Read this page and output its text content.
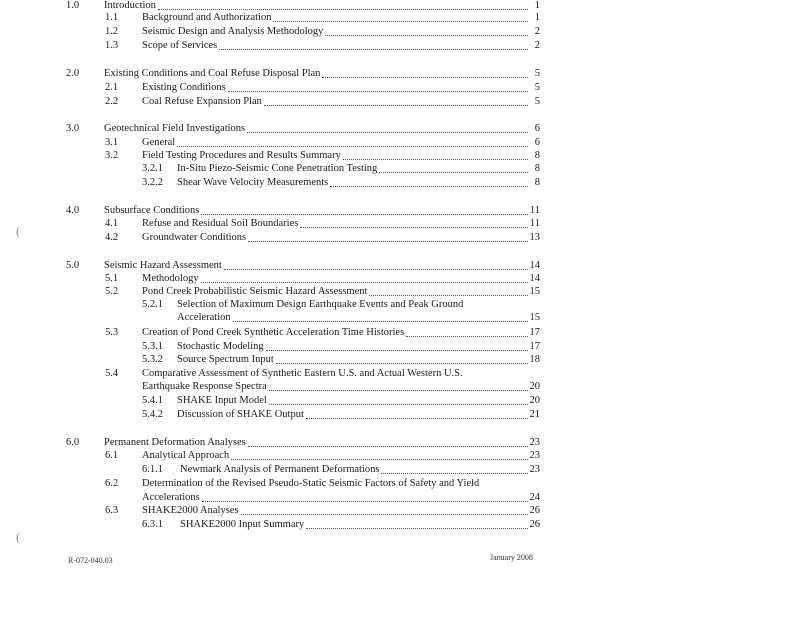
1.0	Introduction	1
1.1	Background and Authorization	1
1.2	Seismic Design and Analysis Methodology	2
1.3	Scope of Services	2
2.0	Existing Conditions and Coal Refuse Disposal Plan	5
2.1	Existing Conditions	5
2.2	Coal Refuse Expansion Plan	5
3.0	Geotechnical Field Investigations	6
3.1	General	6
3.2	Field Testing Procedures and Results Summary	8
3.2.1	In-Situ Piezo-Seismic Cone Penetration Testing	8
3.2.2	Shear Wave Velocity Measurements	8
4.0	Subsurface Conditions	11
4.1	Refuse and Residual Soil Boundaries	11
4.2	Groundwater Conditions	13
5.0	Seismic Hazard Assessment	14
5.1	Methodology	14
5.2	Pond Creek Probabilistic Seismic Hazard Assessment	15
5.2.1 Selection of Maximum Design Earthquake Events and Peak Ground
Acceleration	15
5.3	Creation of Pond Creek Synthetic Acceleration Time Histories	17
5.3.1	Stochastic Modeling	17
5.3.2	Source Spectrum Input	18
5.4 Comparative Assessment of Synthetic Eastern U.S. and Actual Western U.S.
Earthquake Response Spectra	20
5.4.1	SHAKE Input Model	20
5.4.2	Discussion of SHAKE Output	21
6.0	Permanent Deformation Analyses	23
6.1	Analytical Approach	23
6.1.1	Newmark Analysis of Permanent Deformations	23
6.2 Determination of the Revised Pseudo-Static Seismic Factors of Safety and Yield
Accelerations	24
6.3	SHAKE2000 Analyses	26
6.3.1	SHAKE2000 Input Summary	26
R-072-040.03	January 2008
(
(
